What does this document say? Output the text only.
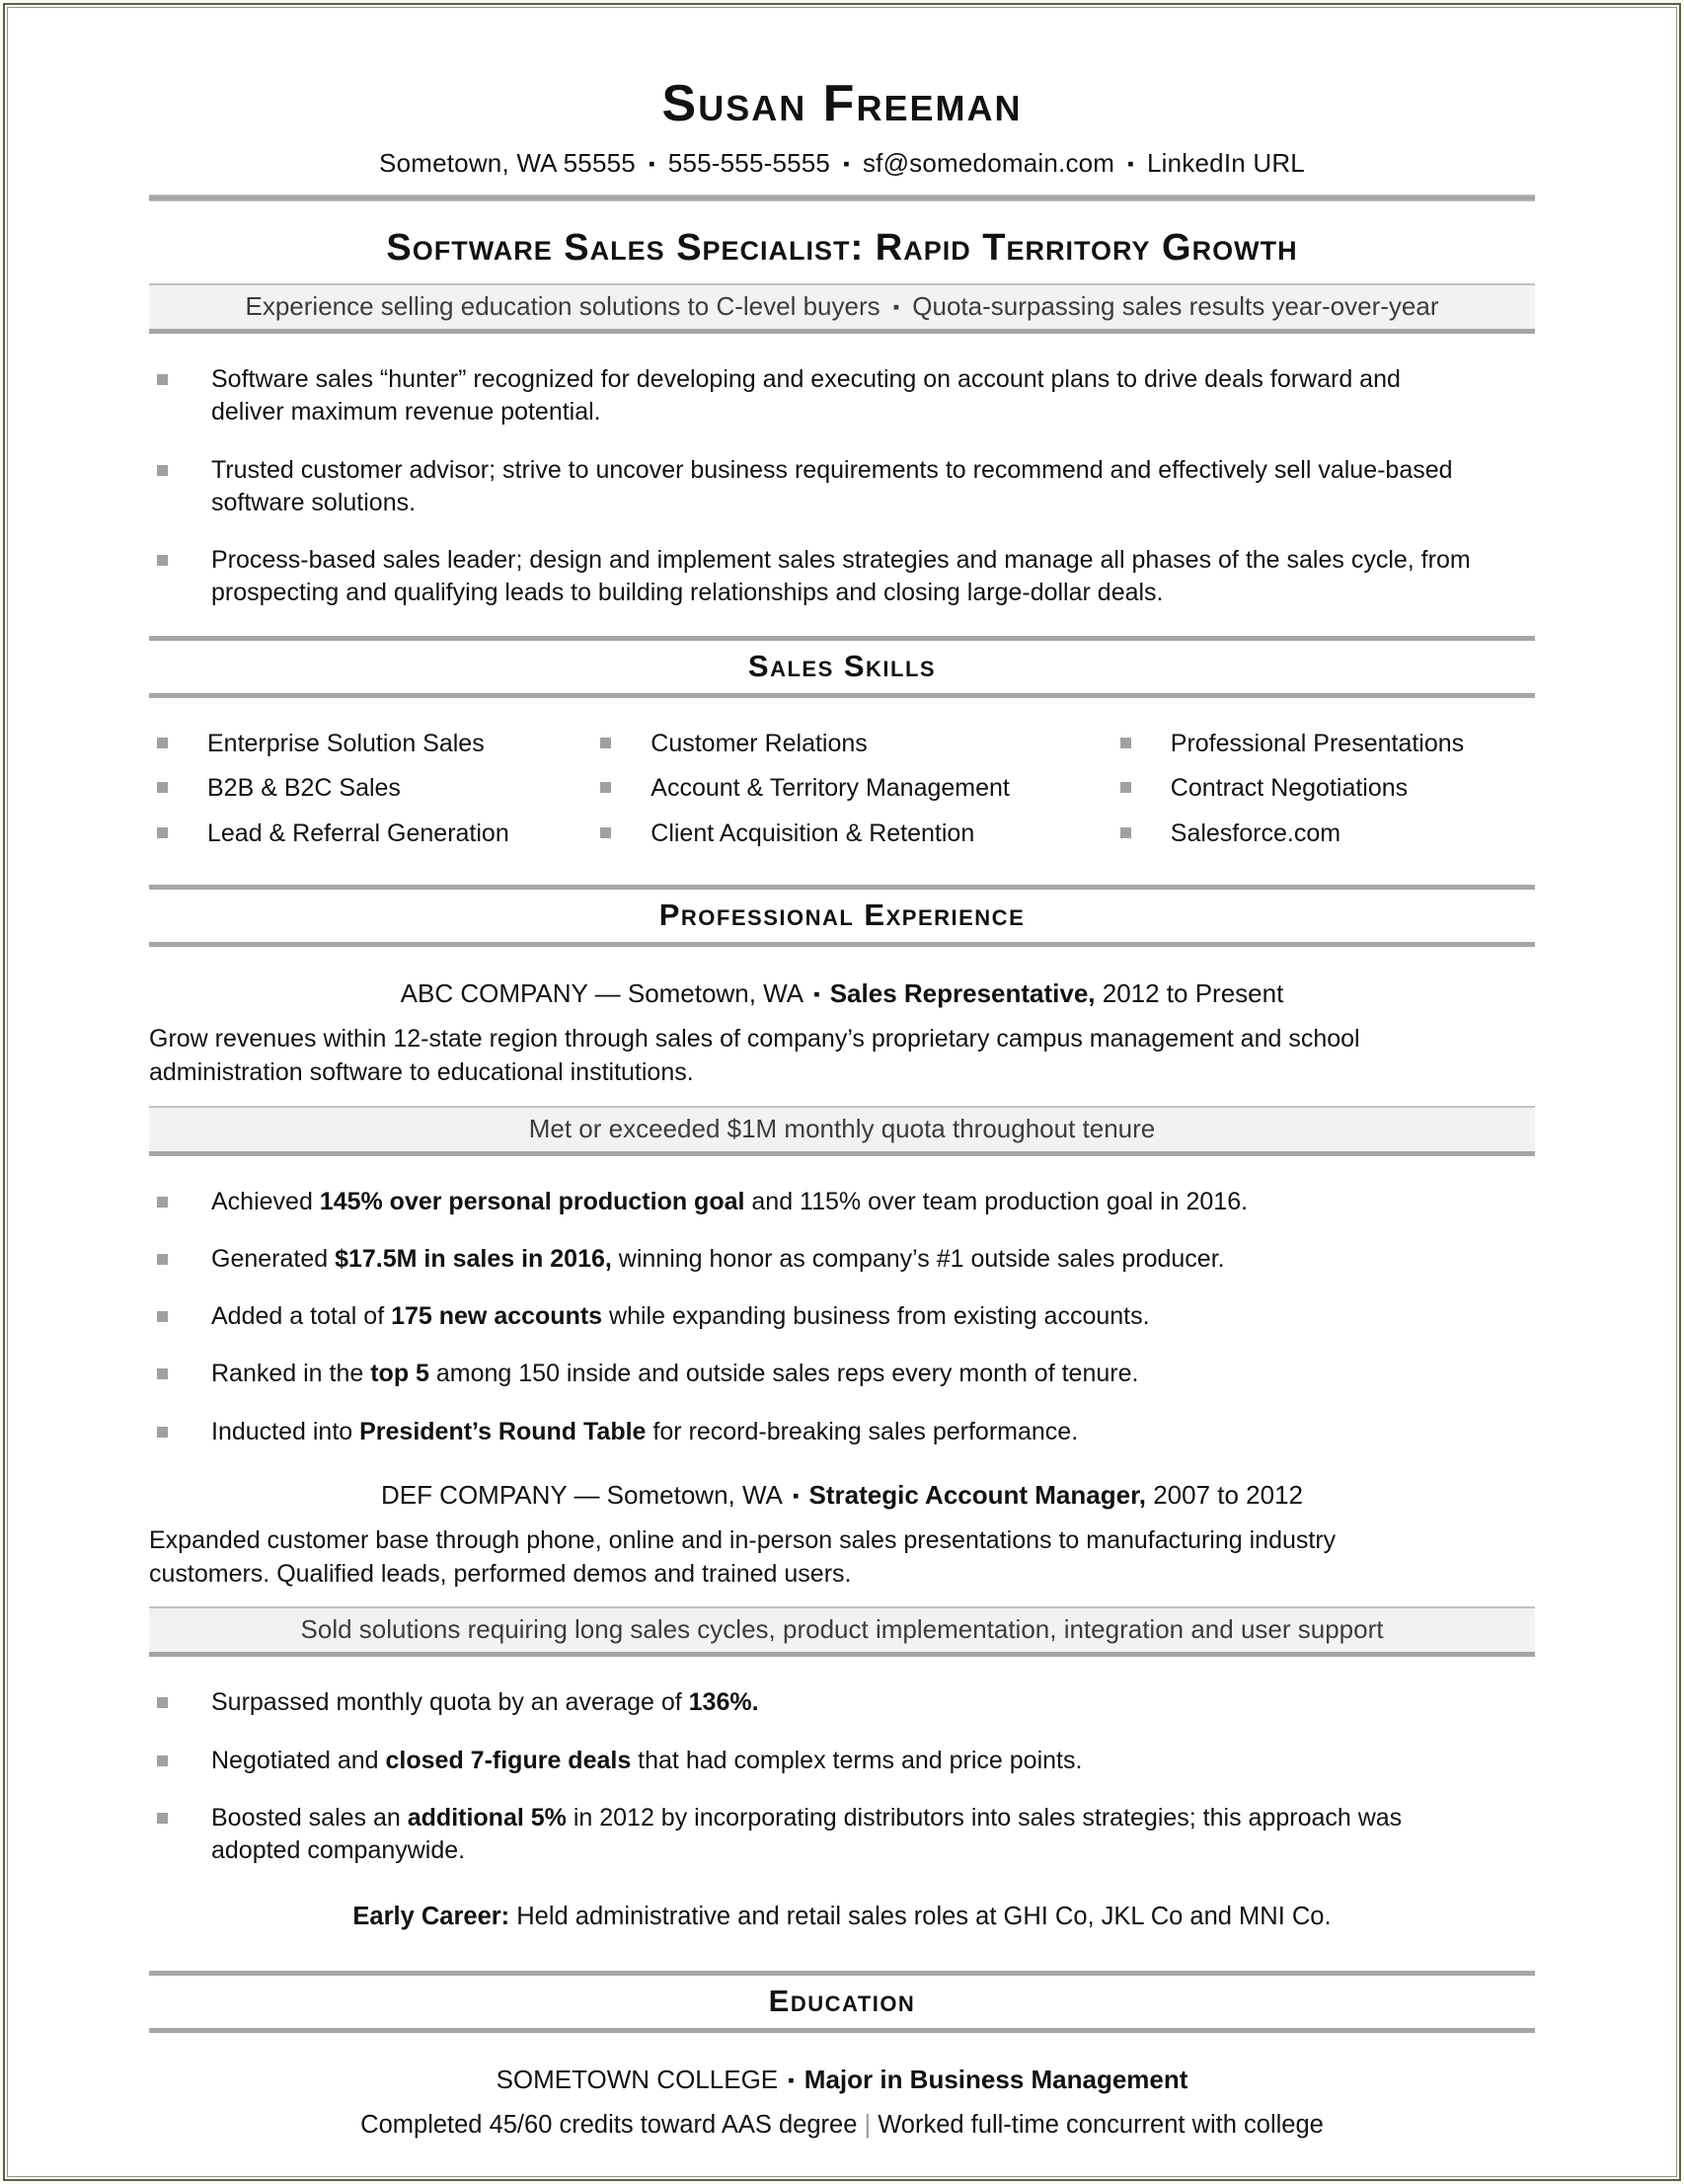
Susan Freeman
Sometown, WA 55555 ▪ 555-555-5555 ▪ sf@somedomain.com ▪ LinkedIn URL
Software Sales Specialist: Rapid Territory Growth
Experience selling education solutions to C-level buyers ▪ Quota-surpassing sales results year-over-year
Software sales “hunter” recognized for developing and executing on account plans to drive deals forward and deliver maximum revenue potential.
Trusted customer advisor; strive to uncover business requirements to recommend and effectively sell value-based software solutions.
Process-based sales leader; design and implement sales strategies and manage all phases of the sales cycle, from prospecting and qualifying leads to building relationships and closing large-dollar deals.
Sales Skills
Enterprise Solution Sales	Customer Relations	Professional Presentations
B2B & B2C Sales	Account & Territory Management	Contract Negotiations
Lead & Referral Generation	Client Acquisition & Retention	Salesforce.com
Professional Experience
ABC COMPANY — Sometown, WA ▪ Sales Representative, 2012 to Present

Grow revenues within 12-state region through sales of company’s proprietary campus management and school administration software to educational institutions.

Met or exceeded $1M monthly quota throughout tenure
Achieved 145% over personal production goal and 115% over team production goal in 2016.
Generated $17.5M in sales in 2016, winning honor as company’s #1 outside sales producer.
Added a total of 175 new accounts while expanding business from existing accounts.
Ranked in the top 5 among 150 inside and outside sales reps every month of tenure.
Inducted into President’s Round Table for record-breaking sales performance.
DEF COMPANY — Sometown, WA ▪ Strategic Account Manager, 2007 to 2012

Expanded customer base through phone, online and in-person sales presentations to manufacturing industry customers. Qualified leads, performed demos and trained users.

Sold solutions requiring long sales cycles, product implementation, integration and user support
Surpassed monthly quota by an average of 136%.
Negotiated and closed 7-figure deals that had complex terms and price points.
Boosted sales an additional 5% in 2012 by incorporating distributors into sales strategies; this approach was adopted companywide.
Early Career: Held administrative and retail sales roles at GHI Co, JKL Co and MNI Co.
Education
SOMETOWN COLLEGE ▪ Major in Business Management
Completed 45/60 credits toward AAS degree | Worked full-time concurrent with college
